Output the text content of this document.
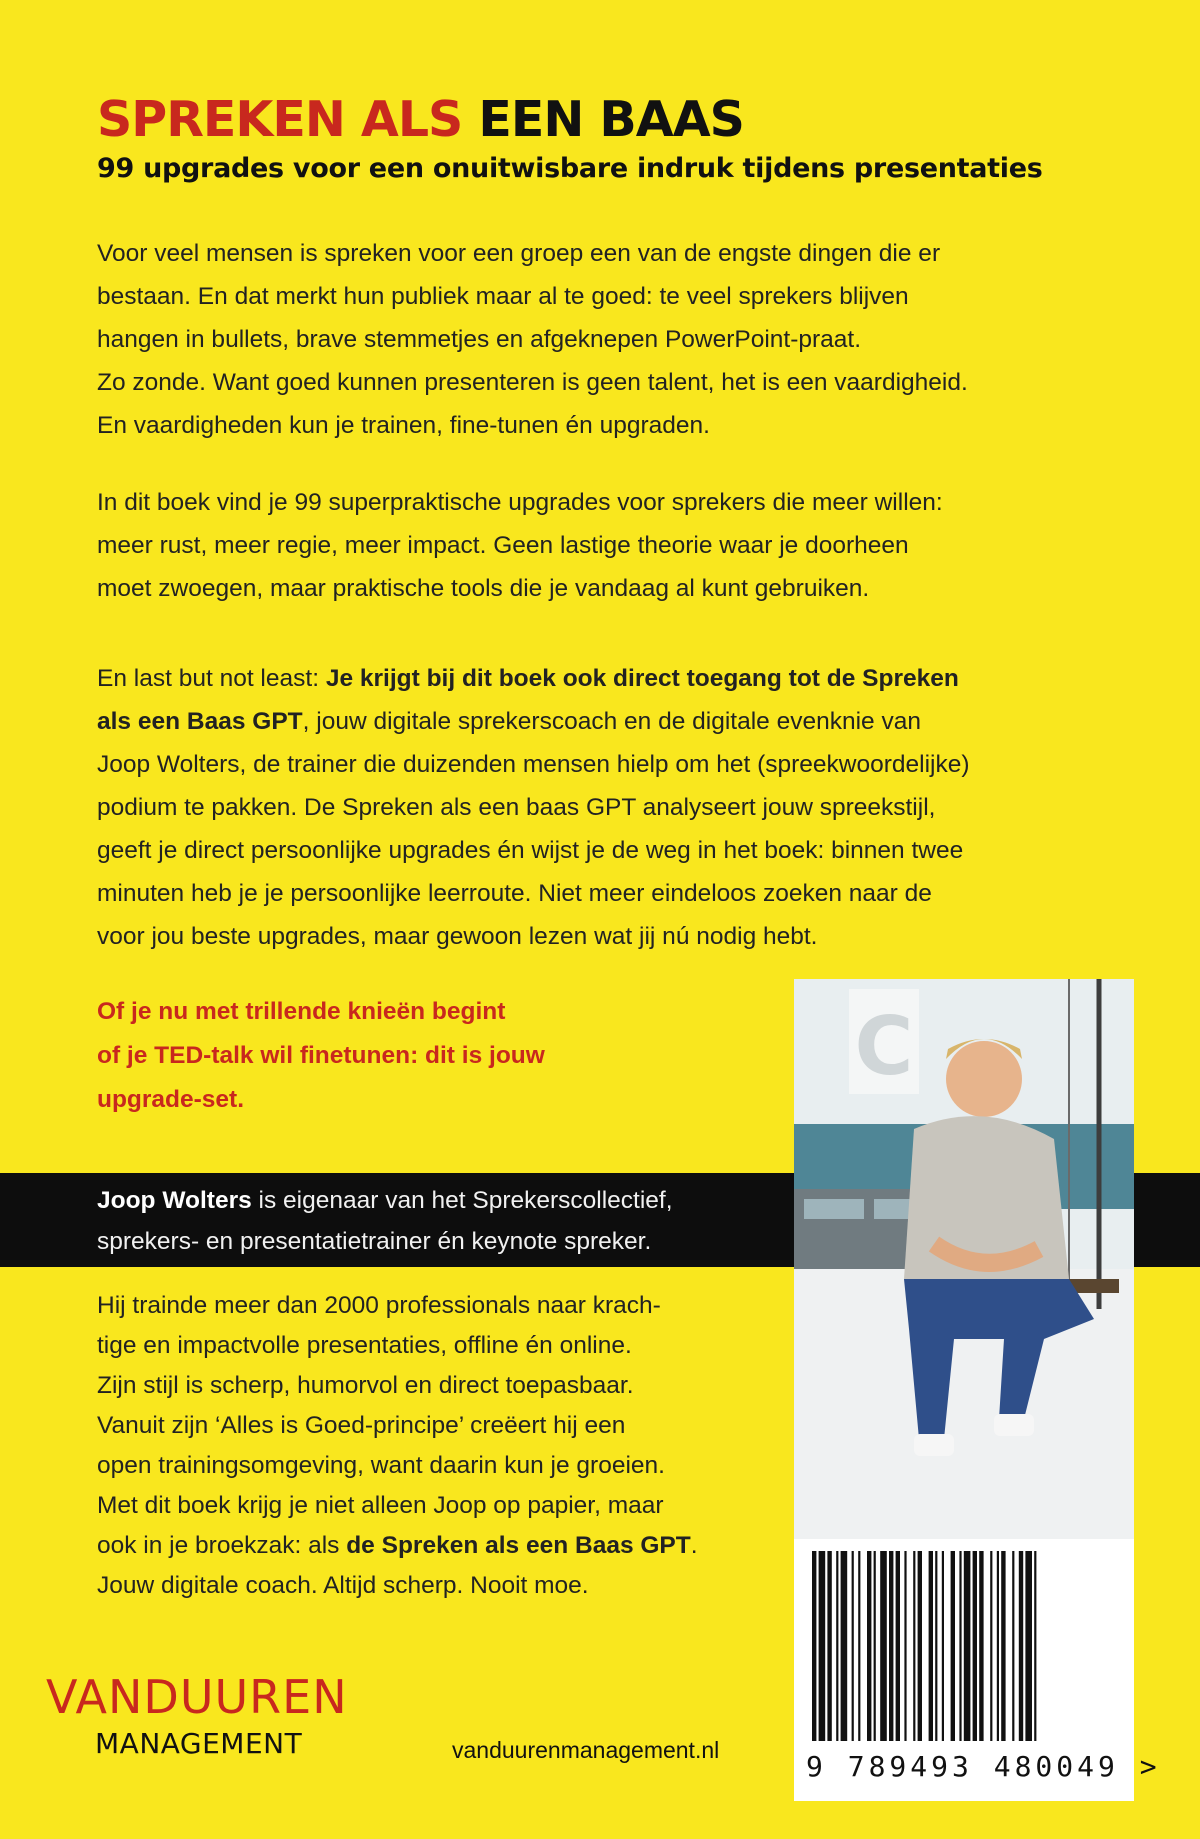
SPREKEN ALS EEN BAAS
99 upgrades voor een onuitwisbare indruk tijdens presentaties
Voor veel mensen is spreken voor een groep een van de engste dingen die er
bestaan. En dat merkt hun publiek maar al te goed: te veel sprekers blijven
hangen in bullets, brave stemmetjes en afgeknepen PowerPoint-praat.
Zo zonde. Want goed kunnen presenteren is geen talent, het is een vaardigheid.
En vaardigheden kun je trainen, fine-tunen én upgraden.
In dit boek vind je 99 superpraktische upgrades voor sprekers die meer willen:
meer rust, meer regie, meer impact. Geen lastige theorie waar je doorheen
moet zwoegen, maar praktische tools die je vandaag al kunt gebruiken.
En last but not least: Je krijgt bij dit boek ook direct toegang tot de Spreken
als een Baas GPT, jouw digitale sprekerscoach en de digitale evenknie van
Joop Wolters, de trainer die duizenden mensen hielp om het (spreekwoordelijke)
podium te pakken. De Spreken als een baas GPT analyseert jouw spreekstijl,
geeft je direct persoonlijke upgrades én wijst je de weg in het boek: binnen twee
minuten heb je je persoonlijke leerroute. Niet meer eindeloos zoeken naar de
voor jou beste upgrades, maar gewoon lezen wat jij nú nodig hebt.
Of je nu met trillende knieën begint
of je TED-talk wil finetunen: dit is jouw
upgrade-set.
Joop Wolters is eigenaar van het Sprekerscollectief,
sprekers- en presentatietrainer én keynote spreker.
Hij trainde meer dan 2000 professionals naar krach-
tige en impactvolle presentaties, offline én online.
Zijn stijl is scherp, humorvol en direct toepasbaar.
Vanuit zijn ‘Alles is Goed-principe’ creëert hij een
open trainingsomgeving, want daarin kun je groeien.
Met dit boek krijg je niet alleen Joop op papier, maar
ook in je broekzak: als de Spreken als een Baas GPT.
Jouw digitale coach. Altijd scherp. Nooit moe.
C
9 789493 480049 >
VANDUUREN
MANAGEMENT	vanduurenmanagement.nl
